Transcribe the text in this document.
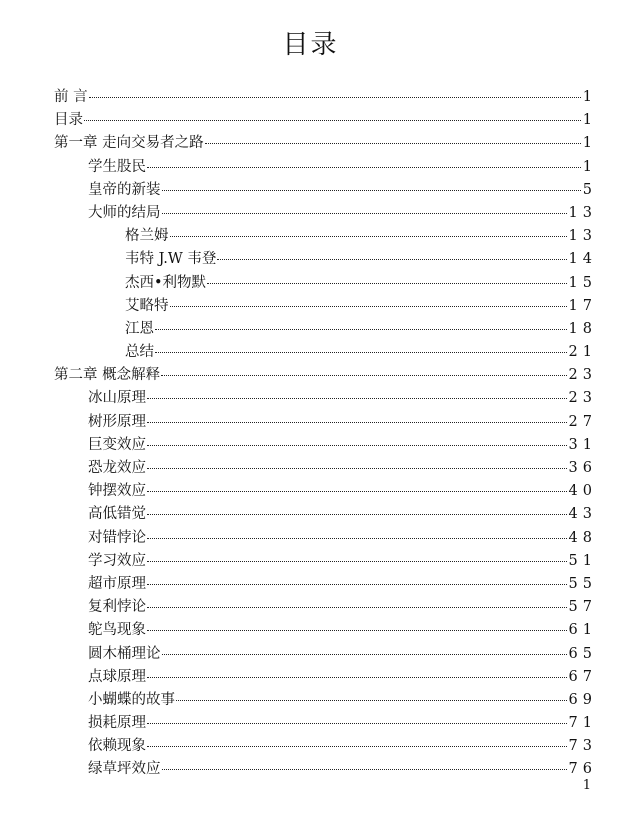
目录
前 言	1
目录	1
第一章 走向交易者之路	1
学生股民	1
皇帝的新装	5
大师的结局	13
格兰姆	13
韦特 J.W 韦登	14
杰西•利物默	15
艾略特	17
江恩	18
总结	21
第二章 概念解释	23
冰山原理	23
树形原理	27
巨变效应	31
恐龙效应	36
钟摆效应	40
高低错觉	43
对错悖论	48
学习效应	51
超市原理	55
复利悖论	57
鸵鸟现象	61
圆木桶理论	65
点球原理	67
小蝴蝶的故事	69
损耗原理	71
依赖现象	73
绿草坪效应	76
1
